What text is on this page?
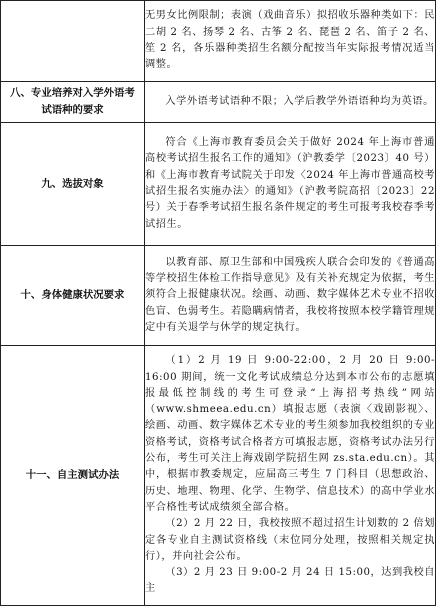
	无男女比例限制；表演（戏曲音乐）拟招收乐器种类如下：民二胡 2 名、扬琴 2 名、古筝 2 名、琵琶 2 名、笛子 2 名、笙 2 名，各乐器种类招生名额分配按当年实际报考情况适当调整。

八、专业培养对入学外语考试语种的要求	入学外语考试语种不限；入学后教学外语语种均为英语。

九、选拔对象	符合《上海市教育委员会关于做好 2024 年上海市普通高校考试招生报名工作的通知》（沪教委学〔2023〕40 号）和《上海市教育考试院关于印发〈2024 年上海市普通高校考试招生报名实施办法〉的通知》（沪教考院高招〔2023〕22 号）关于春季考试招生报名条件规定的考生可报考我校春季考试招生。

十、身体健康状况要求	以教育部、原卫生部和中国残疾人联合会印发的《普通高等学校招生体检工作指导意见》及有关补充规定为依据，考生须符合上报健康状况。绘画、动画、数字媒体艺术专业不招收色盲、色弱考生。若隐瞒病情者，我校将按照本校学籍管理规定中有关退学与休学的规定执行。

十一、自主测试办法	（1）2 月 19 日 9:00-22:00，2 月 20 日 9:00-16:00 期间，统一文化考试成绩总分达到本市公布的志愿填报最低控制线的考生可登录“上海招考热线”网站（www.shmeea.edu.cn）填报志愿（表演〈戏剧影视〉、绘画、动画、数字媒体艺术专业的考生须参加我校组织的专业资格考试，资格考试合格者方可填报志愿，资格考试办法另行公布，考生可关注上海戏剧学院招生网 zs.sta.edu.cn）。其中，根据市教委规定，应届高三考生 7 门科目（思想政治、历史、地理、物理、化学、生物学、信息技术）的高中学业水平合格性考试成绩须全部合格。

（2）2 月 22 日，我校按照不超过招生计划数的 2 倍划定各专业自主测试资格线（末位同分处理，按照相关规定执行），并向社会公布。

（3）2 月 23 日 9:00-2 月 24 日 15:00，达到我校自主
